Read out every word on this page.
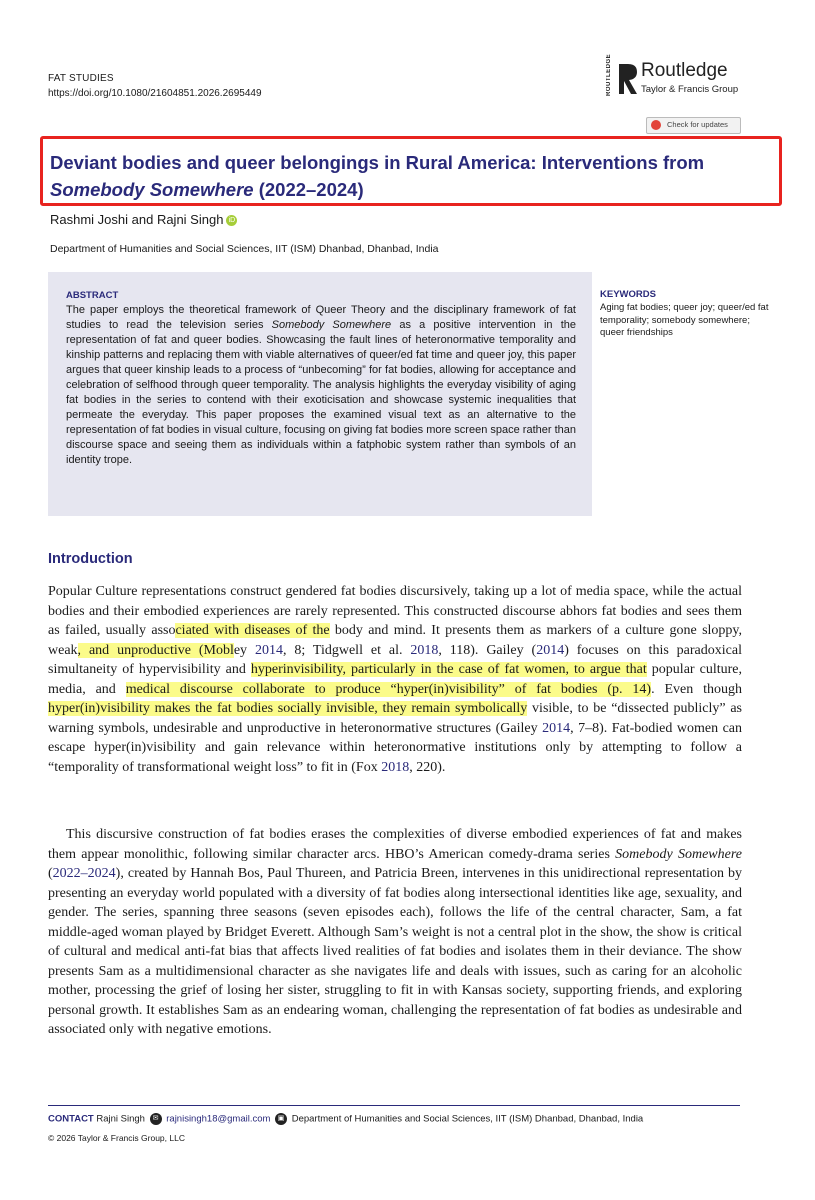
FAT STUDIES
https://doi.org/10.1080/21604851.2026.2695449	ROUTLEDGE Routledge
Taylor & Francis Group
Check for updates
Deviant bodies and queer belongings in Rural America: Interventions from Somebody Somewhere (2022–2024)
Rashmi Joshi and Rajni Singh iD
Department of Humanities and Social Sciences, IIT (ISM) Dhanbad, Dhanbad, India
ABSTRACT
The paper employs the theoretical framework of Queer Theory and the disciplinary framework of fat studies to read the television series Somebody Somewhere as a positive intervention in the representation of fat and queer bodies. Showcasing the fault lines of heteronormative temporality and kinship patterns and replacing them with viable alternatives of queer/ed fat time and queer joy, this paper argues that queer kinship leads to a process of “unbecoming” for fat bodies, allowing for acceptance and celebration of selfhood through queer temporality. The analysis highlights the everyday visibility of aging fat bodies in the series to contend with their exoticisation and showcase systemic inequalities that permeate the everyday. This paper proposes the examined visual text as an alternative to the representation of fat bodies in visual culture, focusing on giving fat bodies more screen space rather than discourse space and seeing them as individuals within a fatphobic system rather than symbols of an identity trope.
KEYWORDS
Aging fat bodies; queer joy; queer/ed fat temporality; somebody somewhere; queer friendships
Introduction
Popular Culture representations construct gendered fat bodies discursively, taking up a lot of media space, while the actual bodies and their embodied experiences are rarely represented. This constructed discourse abhors fat bodies and sees them as failed, usually associated with diseases of the body and mind. It presents them as markers of a culture gone sloppy, weak, and unproductive (Mobley 2014, 8; Tidgwell et al. 2018, 118). Gailey (2014) focuses on this paradoxical simultaneity of hypervisibility and hyperinvisibility, particularly in the case of fat women, to argue that popular culture, media, and medical discourse collaborate to produce “hyper(in)visibility” of fat bodies (p. 14). Even though hyper(in)visibility makes the fat bodies socially invisible, they remain symbolically visible, to be “dissected publicly” as warning symbols, undesirable and unproductive in heteronormative structures (Gailey 2014, 7–8). Fat-bodied women can escape hyper(in)visibility and gain relevance within heteronormative institutions only by attempting to follow a “temporality of transformational weight loss” to fit in (Fox 2018, 220).
This discursive construction of fat bodies erases the complexities of diverse embodied experiences of fat and makes them appear monolithic, following similar character arcs. HBO’s American comedy-drama series Somebody Somewhere (2022–2024), created by Hannah Bos, Paul Thureen, and Patricia Breen, intervenes in this unidirectional representation by presenting an everyday world populated with a diversity of fat bodies along intersectional identities like age, sexuality, and gender. The series, spanning three seasons (seven episodes each), follows the life of the central character, Sam, a fat middle-aged woman played by Bridget Everett. Although Sam’s weight is not a central plot in the show, the show is critical of cultural and medical anti-fat bias that affects lived realities of fat bodies and isolates them in their deviance. The show presents Sam as a multidimensional character as she navigates life and deals with issues, such as caring for an alcoholic mother, processing the grief of losing her sister, struggling to fit in with Kansas society, supporting friends, and exploring personal growth. It establishes Sam as an endearing woman, challenging the representation of fat bodies as undesirable and associated only with negative emotions.
CONTACT Rajni Singh ✉ rajnisingh18@gmail.com ▣ Department of Humanities and Social Sciences, IIT (ISM) Dhanbad, Dhanbad, India
© 2026 Taylor & Francis Group, LLC
